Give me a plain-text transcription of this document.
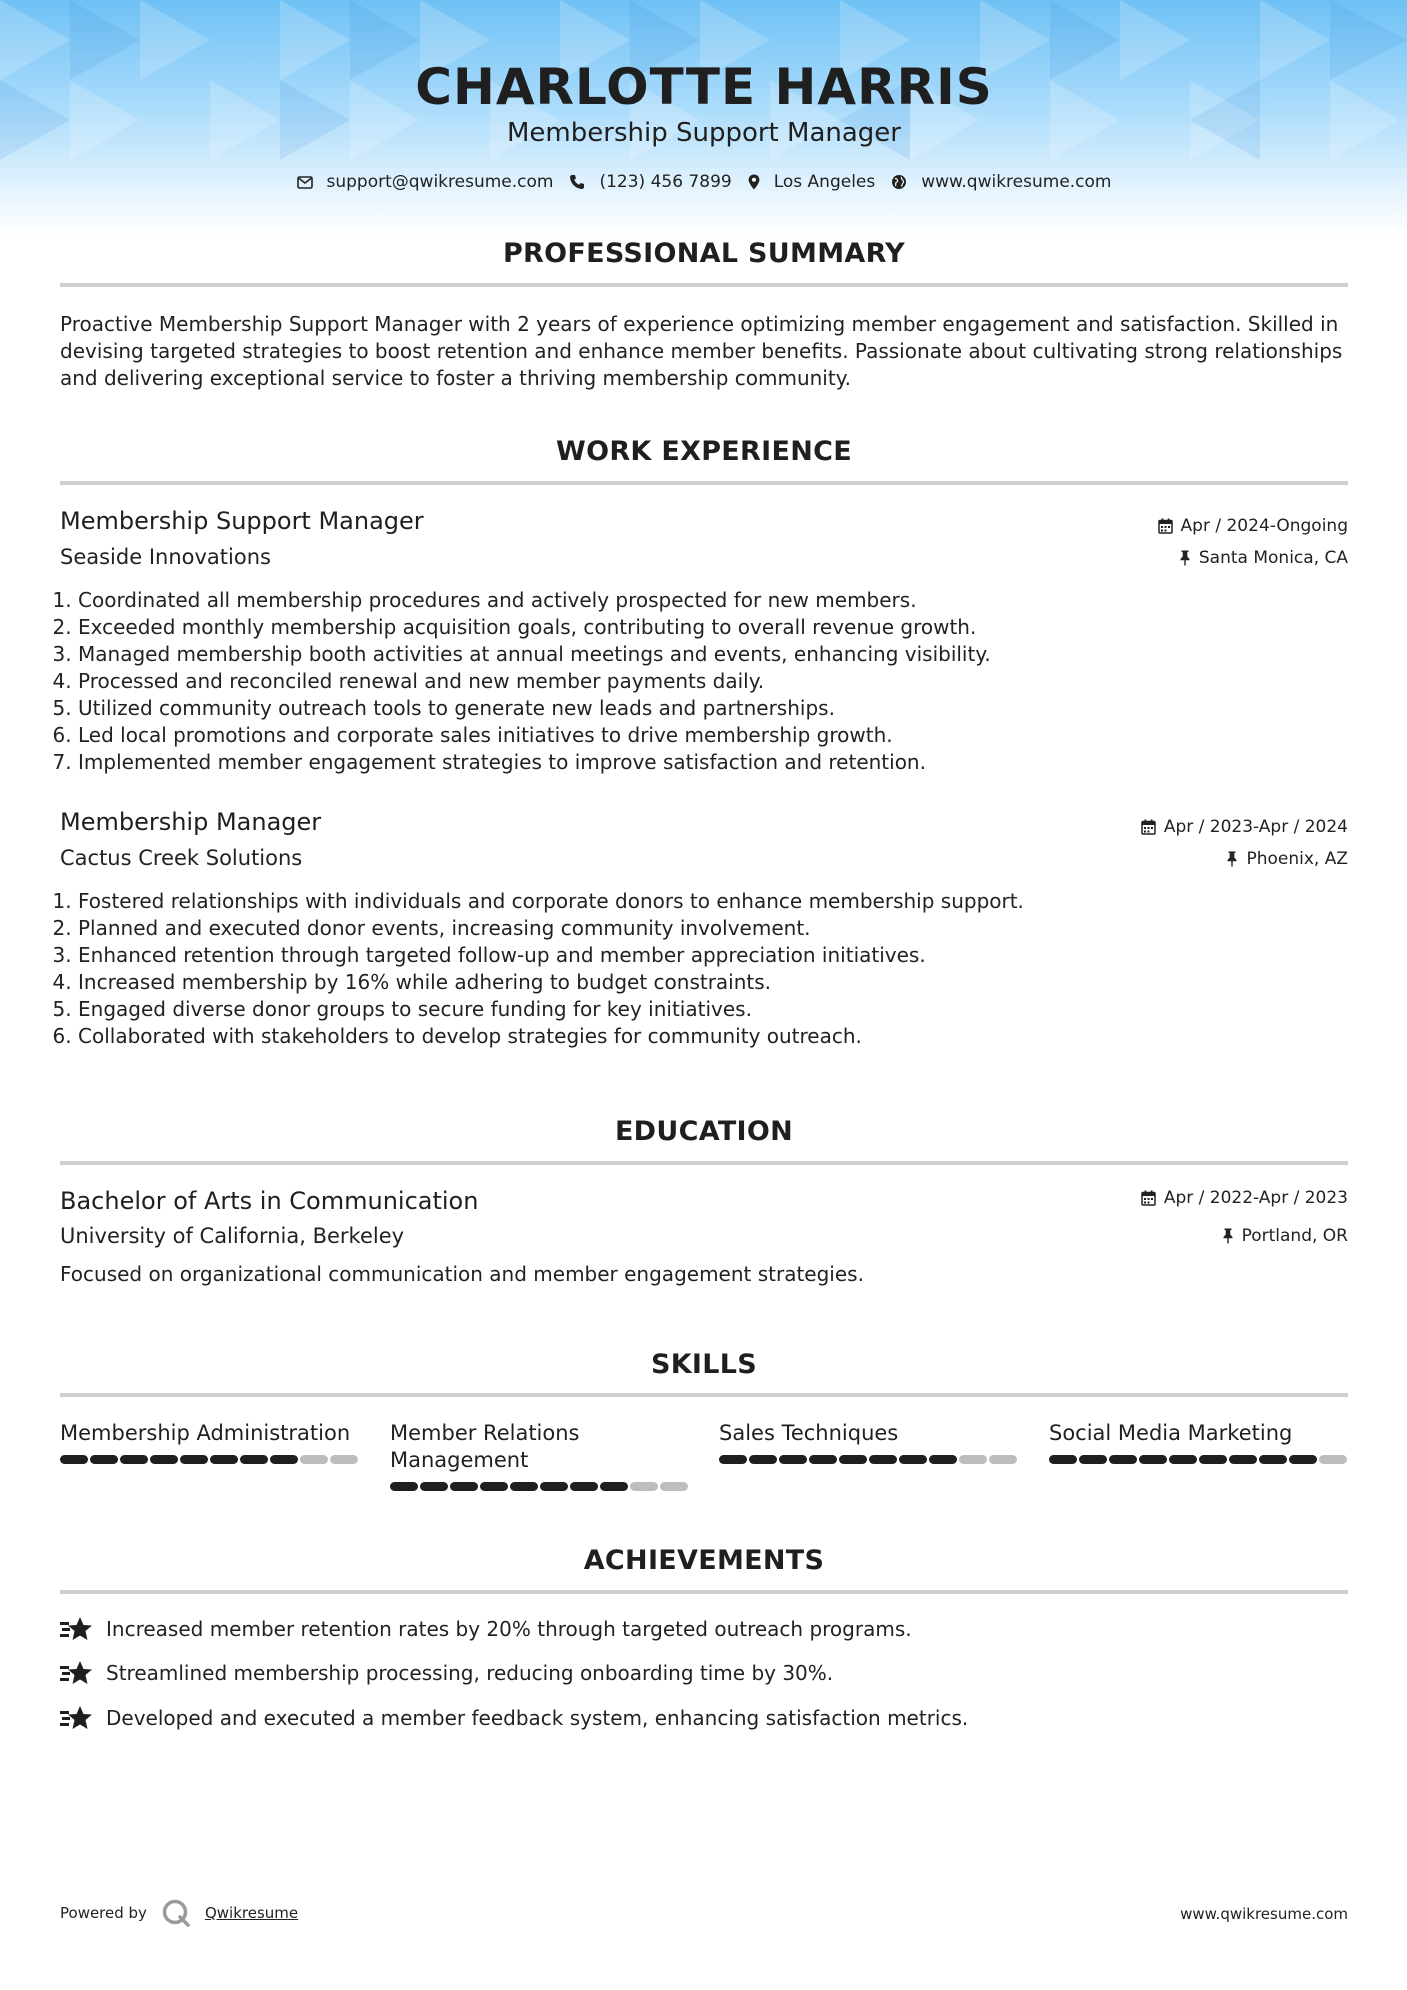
CHARLOTTE HARRIS
Membership Support Manager
support@qwikresume.com	(123) 456 7899 Los Angeles	www.qwikresume.com
PROFESSIONAL SUMMARY
Proactive Membership Support Manager with 2 years of experience optimizing member engagement and satisfaction. Skilled in devising targeted strategies to boost retention and enhance member benefits. Passionate about cultivating strong relationships and delivering exceptional service to foster a thriving membership community.
WORK EXPERIENCE
Membership Support Manager	Apr / 2024-Ongoing
Seaside Innovations	Santa Monica, CA
1. Coordinated all membership procedures and actively prospected for new members.
2. Exceeded monthly membership acquisition goals, contributing to overall revenue growth.
3. Managed membership booth activities at annual meetings and events, enhancing visibility.
4. Processed and reconciled renewal and new member payments daily.
5. Utilized community outreach tools to generate new leads and partnerships.
6. Led local promotions and corporate sales initiatives to drive membership growth.
7. Implemented member engagement strategies to improve satisfaction and retention.
Membership Manager	Apr / 2023-Apr / 2024
Cactus Creek Solutions	Phoenix, AZ
1. Fostered relationships with individuals and corporate donors to enhance membership support.
2. Planned and executed donor events, increasing community involvement.
3. Enhanced retention through targeted follow-up and member appreciation initiatives.
4. Increased membership by 16% while adhering to budget constraints.
5. Engaged diverse donor groups to secure funding for key initiatives.
6. Collaborated with stakeholders to develop strategies for community outreach.
EDUCATION
Bachelor of Arts in Communication	Apr / 2022-Apr / 2023
University of California, Berkeley	Portland, OR
Focused on organizational communication and member engagement strategies.
SKILLS
Membership Administration	Member Relations Management
Sales Techniques	Social Media Marketing
ACHIEVEMENTS
Increased member retention rates by 20% through targeted outreach programs.
Streamlined membership processing, reducing onboarding time by 30%.
Developed and executed a member feedback system, enhancing satisfaction metrics.
Powered by	Qwikresume	www.qwikresume.com
